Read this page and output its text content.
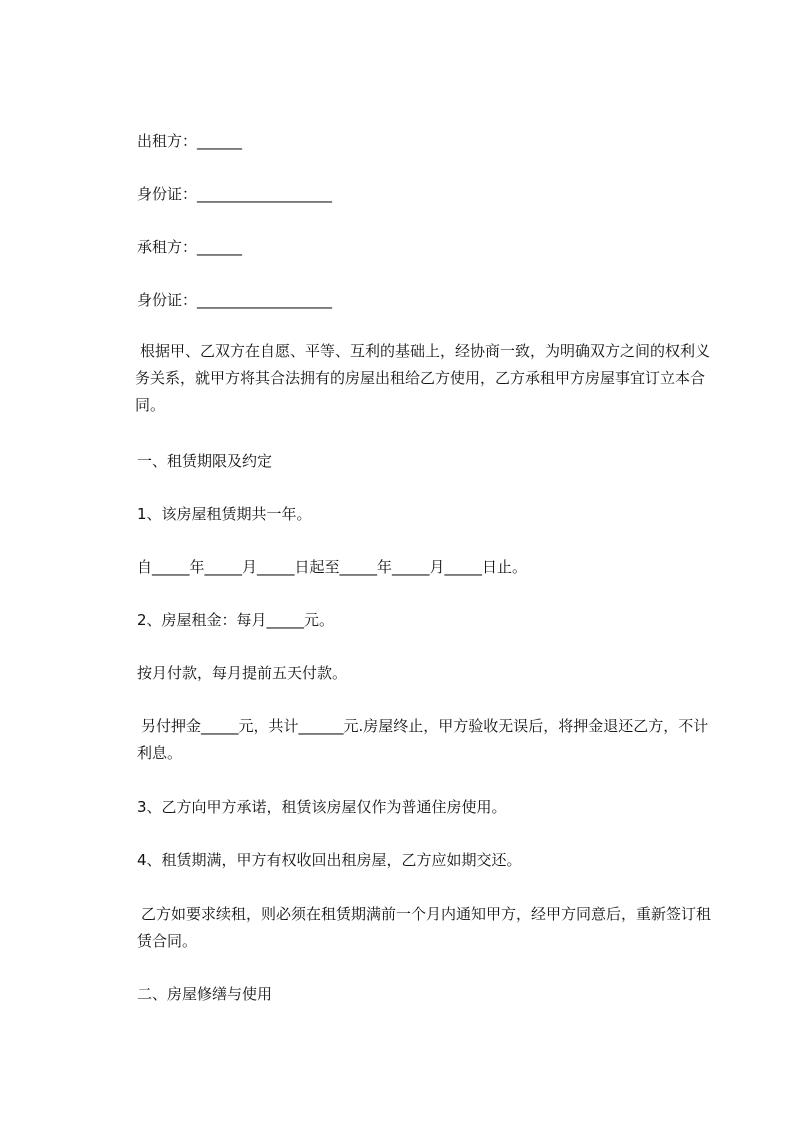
出租方：______

身份证：__________________

承租方：______

身份证：__________________

根据甲、乙双方在自愿、平等、互利的基础上，经协商一致，为明确双方之间的权利义务关系，就甲方将其合法拥有的房屋出租给乙方使用，乙方承租甲方房屋事宜订立本合同。

一、租赁期限及约定

1、该房屋租赁期共一年。

自_____年_____月_____日起至_____年_____月_____日止。

2、房屋租金：每月_____元。

按月付款，每月提前五天付款。

另付押金_____元，共计______元.房屋终止，甲方验收无误后，将押金退还乙方，不计利息。

3、乙方向甲方承诺，租赁该房屋仅作为普通住房使用。

4、租赁期满，甲方有权收回出租房屋，乙方应如期交还。

乙方如要求续租，则必须在租赁期满前一个月内通知甲方，经甲方同意后，重新签订租赁合同。

二、房屋修缮与使用
